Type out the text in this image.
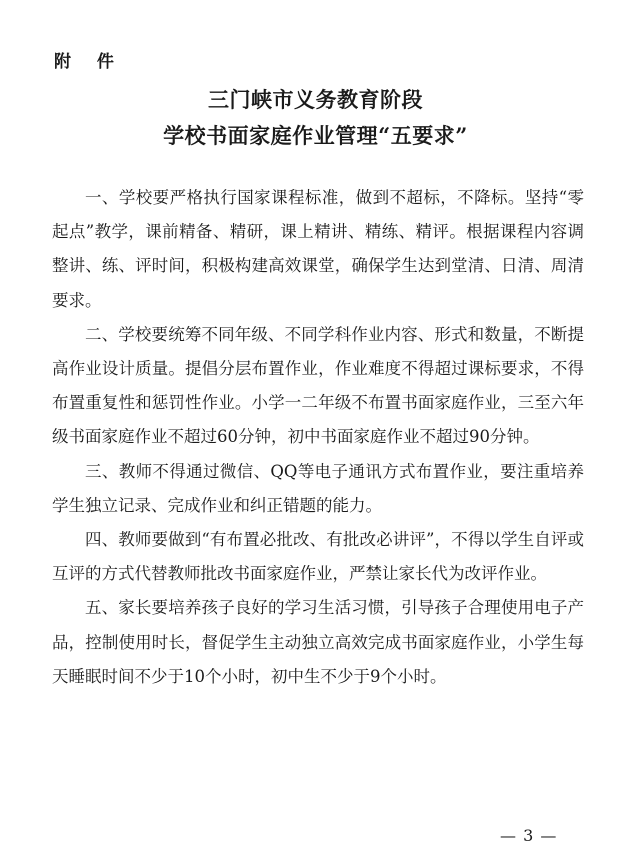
附 件
三门峡市义务教育阶段
学校书面家庭作业管理“五要求”

一、学校要严格执行国家课程标准，做到不超标，不降标。坚持“零起点”教学，课前精备、精研，课上精讲、精练、精评。根据课程内容调整讲、练、评时间，积极构建高效课堂，确保学生达到堂清、日清、周清要求。

二、学校要统筹不同年级、不同学科作业内容、形式和数量，不断提高作业设计质量。提倡分层布置作业，作业难度不得超过课标要求，不得布置重复性和惩罚性作业。小学一二年级不布置书面家庭作业，三至六年级书面家庭作业不超过60分钟，初中书面家庭作业不超过90分钟。

三、教师不得通过微信、QQ等电子通讯方式布置作业，要注重培养学生独立记录、完成作业和纠正错题的能力。

四、教师要做到“有布置必批改、有批改必讲评”，不得以学生自评或互评的方式代替教师批改书面家庭作业，严禁让家长代为改评作业。

五、家长要培养孩子良好的学习生活习惯，引导孩子合理使用电子产品，控制使用时长，督促学生主动独立高效完成书面家庭作业，小学生每天睡眠时间不少于10个小时，初中生不少于9个小时。

— 3 —
